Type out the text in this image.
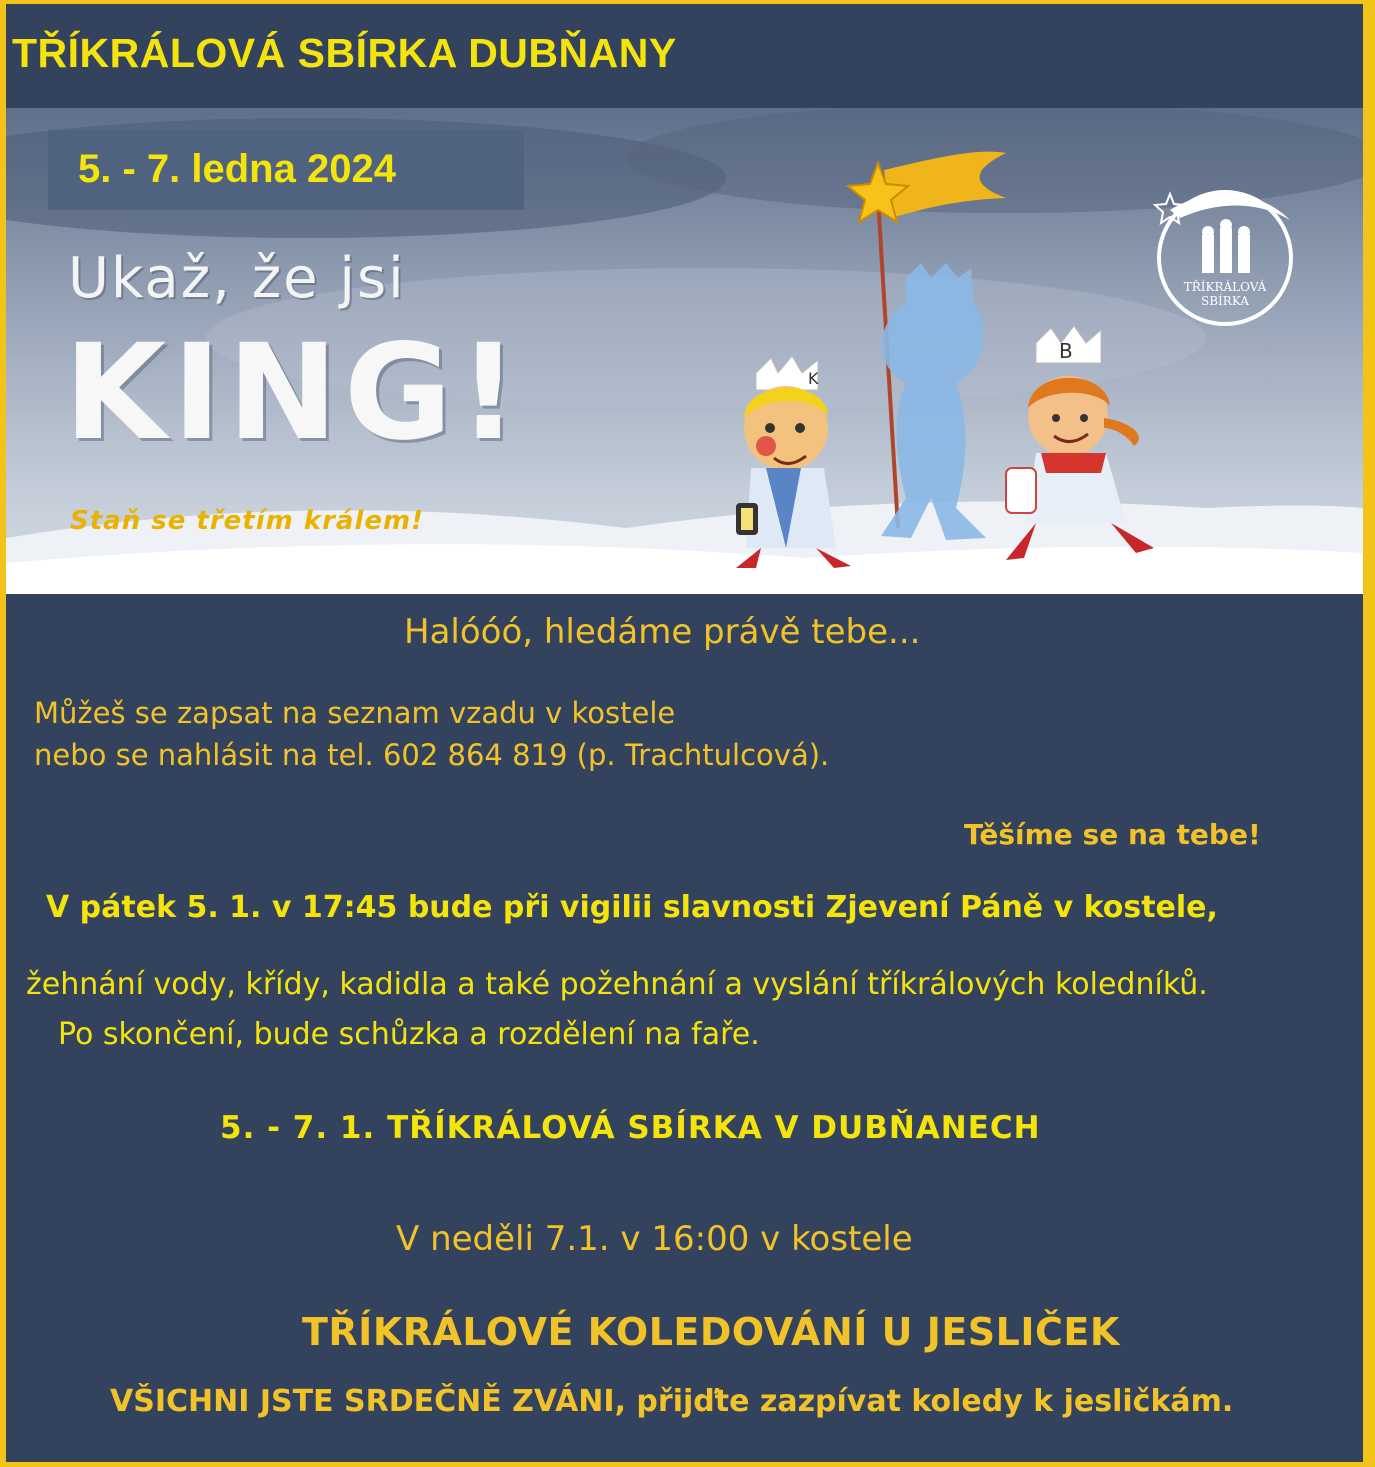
TŘÍKRÁLOVÁ SBÍRKA DUBŇANY
5. - 7. ledna 2024
Ukaž, že jsi
KING!
Staň se třetím králem!
K
B
TŘÍKRÁLOVÁ
SBÍRKA
Halóóó, hledáme právě tebe...
Můžeš se zapsat na seznam vzadu v kostele
nebo se nahlásit na tel. 602 864 819 (p. Trachtulcová).
Těšíme se na tebe!
V pátek 5. 1. v 17:45 bude při vigilii slavnosti Zjevení Páně v kostele,
žehnání vody, křídy, kadidla a také požehnání a vyslání tříkrálových koledníků.
Po skončení, bude schůzka a rozdělení na faře.
5. - 7. 1. TŘÍKRÁLOVÁ SBÍRKA V DUBŇANECH
V neděli 7.1. v 16:00 v kostele
TŘÍKRÁLOVÉ KOLEDOVÁNÍ U JESLIČEK
VŠICHNI JSTE SRDEČNĚ ZVÁNI, přijďte zazpívat koledy k jesličkám.
